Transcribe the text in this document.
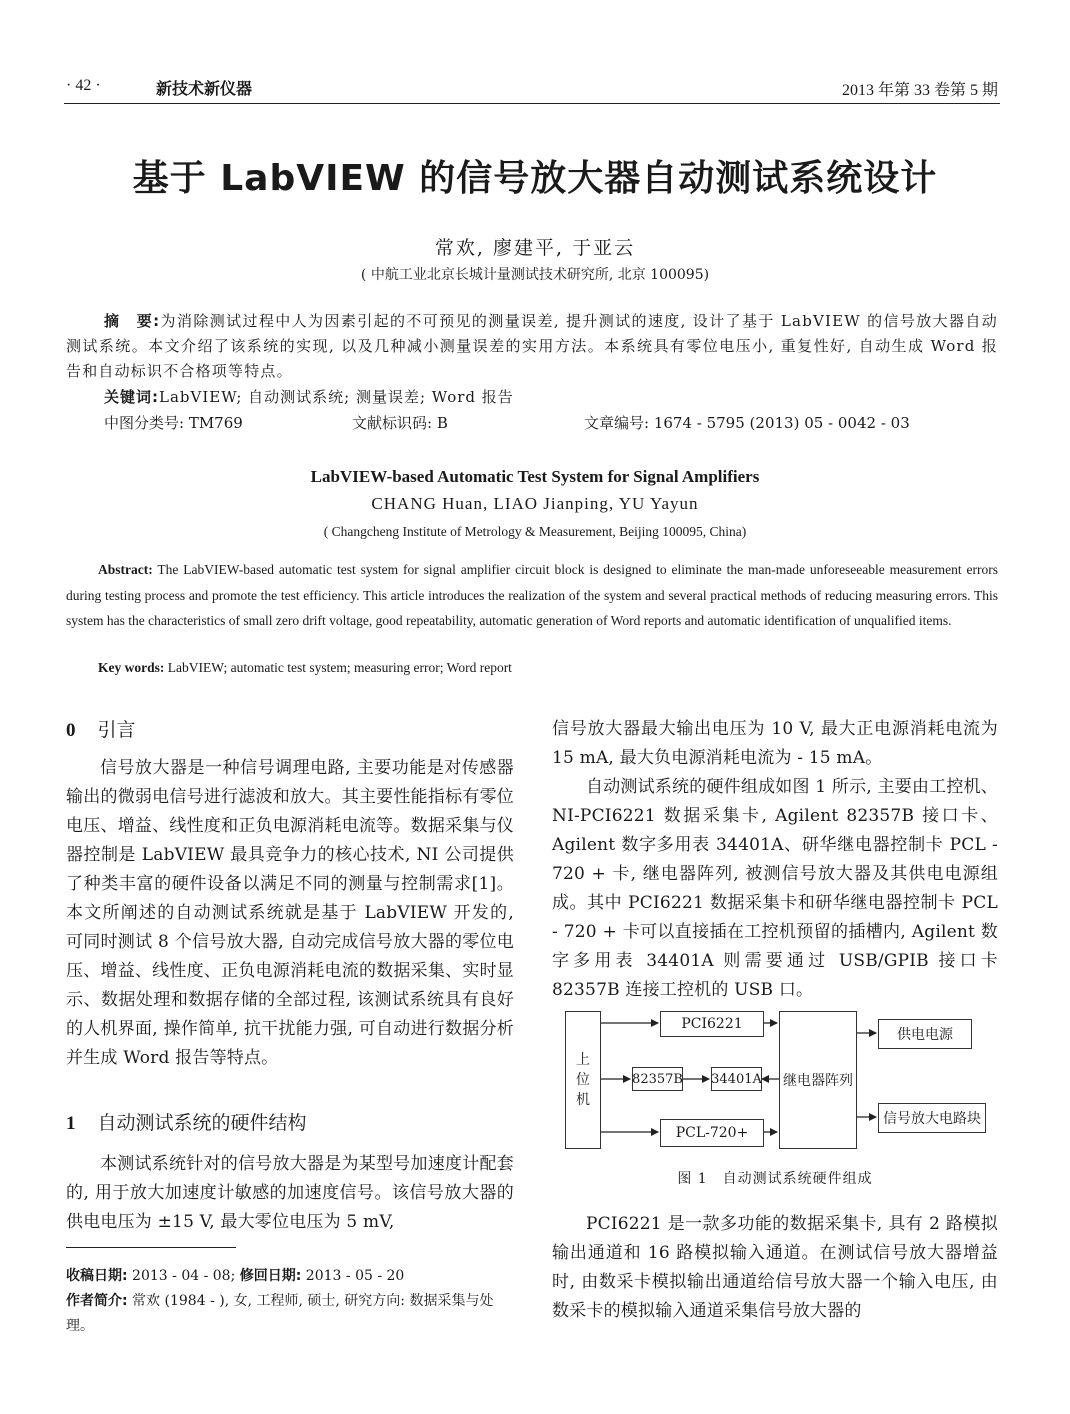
· 42 ·	新技术新仪器	2013 年第 33 卷第 5 期
基于 LabVIEW 的信号放大器自动测试系统设计
常欢, 廖建平, 于亚云
( 中航工业北京长城计量测试技术研究所, 北京 100095)
摘　要:为消除测试过程中人为因素引起的不可预见的测量误差, 提升测试的速度, 设计了基于 LabVIEW 的信号放大器自动测试系统。本文介绍了该系统的实现, 以及几种减小测量误差的实用方法。本系统具有零位电压小, 重复性好, 自动生成 Word 报告和自动标识不合格项等特点。
关键词:LabVIEW; 自动测试系统; 测量误差; Word 报告
中图分类号: TM769	文献标识码: B	文章编号: 1674 - 5795 (2013) 05 - 0042 - 03
LabVIEW-based Automatic Test System for Signal Amplifiers
CHANG Huan, LIAO Jianping, YU Yayun
( Changcheng Institute of Metrology & Measurement, Beijing 100095, China)
Abstract: The LabVIEW-based automatic test system for signal amplifier circuit block is designed to eliminate the man-made unforeseeable measurement errors during testing process and promote the test efficiency. This article introduces the realization of the system and several practical methods of reducing measuring errors. This system has the characteristics of small zero drift voltage, good repeatability, automatic generation of Word reports and automatic identification of unqualified items.
Key words: LabVIEW; automatic test system; measuring error; Word report
0 引言

信号放大器是一种信号调理电路, 主要功能是对传感器输出的微弱电信号进行滤波和放大。其主要性能指标有零位电压、增益、线性度和正负电源消耗电流等。数据采集与仪器控制是 LabVIEW 最具竞争力的核心技术, NI 公司提供了种类丰富的硬件设备以满足不同的测量与控制需求[1]。本文所阐述的自动测试系统就是基于 LabVIEW 开发的, 可同时测试 8 个信号放大器, 自动完成信号放大器的零位电压、增益、线性度、正负电源消耗电流的数据采集、实时显示、数据处理和数据存储的全部过程, 该测试系统具有良好的人机界面, 操作简单, 抗干扰能力强, 可自动进行数据分析并生成 Word 报告等特点。

1 自动测试系统的硬件结构

本测试系统针对的信号放大器是为某型号加速度计配套的, 用于放大加速度计敏感的加速度信号。该信号放大器的供电电压为 ±15 V, 最大零位电压为 5 mV,

收稿日期: 2013 - 04 - 08; 修回日期: 2013 - 05 - 20
作者简介: 常欢 (1984 - ), 女, 工程师, 硕士, 研究方向: 数据采集与处理。
信号放大器最大输出电压为 10 V, 最大正电源消耗电流为 15 mA, 最大负电源消耗电流为 - 15 mA。

自动测试系统的硬件组成如图 1 所示, 主要由工控机、NI-PCI6221 数据采集卡, Agilent 82357B 接口卡、Agilent 数字多用表 34401A、研华继电器控制卡 PCL - 720 + 卡, 继电器阵列, 被测信号放大器及其供电电源组成。其中 PCI6221 数据采集卡和研华继电器控制卡 PCL - 720 + 卡可以直接插在工控机预留的插槽内, Agilent 数字多用表 34401A 则需要通过 USB/GPIB 接口卡 82357B 连接工控机的 USB 口。

上
位
机
PCI6221
82357B 34401A
PCL-720+
继电器阵列
供电电源
信号放大电路块
图 1　自动测试系统硬件组成

PCI6221 是一款多功能的数据采集卡, 具有 2 路模拟输出通道和 16 路模拟输入通道。在测试信号放大器增益时, 由数采卡模拟输出通道给信号放大器一个输入电压, 由数采卡的模拟输入通道采集信号放大器的
